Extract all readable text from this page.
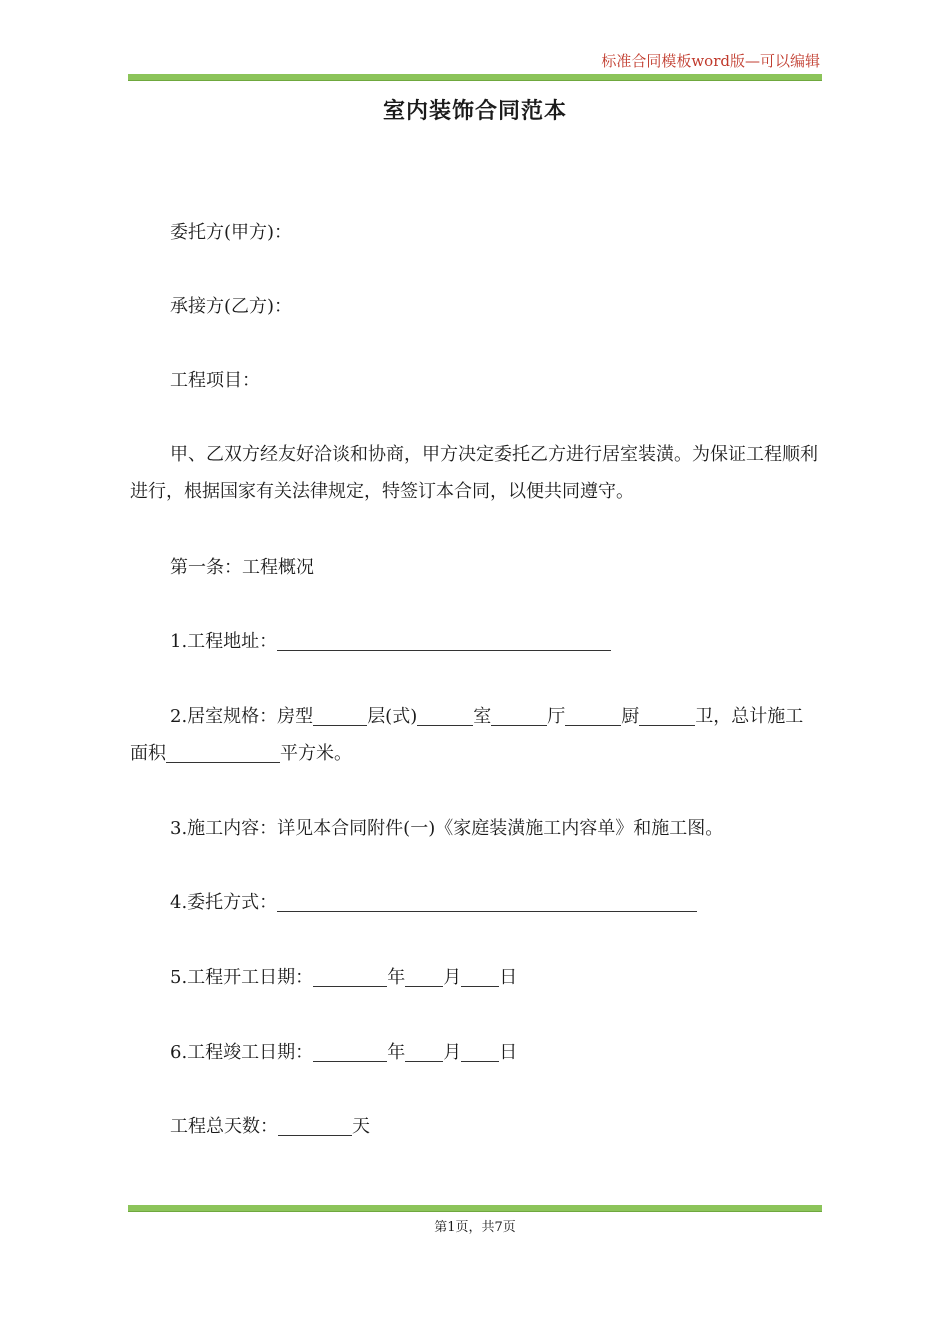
标准合同模板word版—可以编辑
室内装饰合同范本

委托方(甲方)：

承接方(乙方)：

工程项目：

甲、乙双方经友好洽谈和协商，甲方决定委托乙方进行居室装潢。为保证工程顺利进行，根据国家有关法律规定，特签订本合同，以便共同遵守。

第一条：工程概况

1.工程地址：

2.居室规格：房型	层(式)	室	厅	厨	卫，总计施工面积	平方米。

3.施工内容：详见本合同附件(一)《家庭装潢施工内容单》和施工图。

4.委托方式：

5.工程开工日期：	年 月 日

6.工程竣工日期：	年 月 日

工程总天数：	天

第1页，共7页
